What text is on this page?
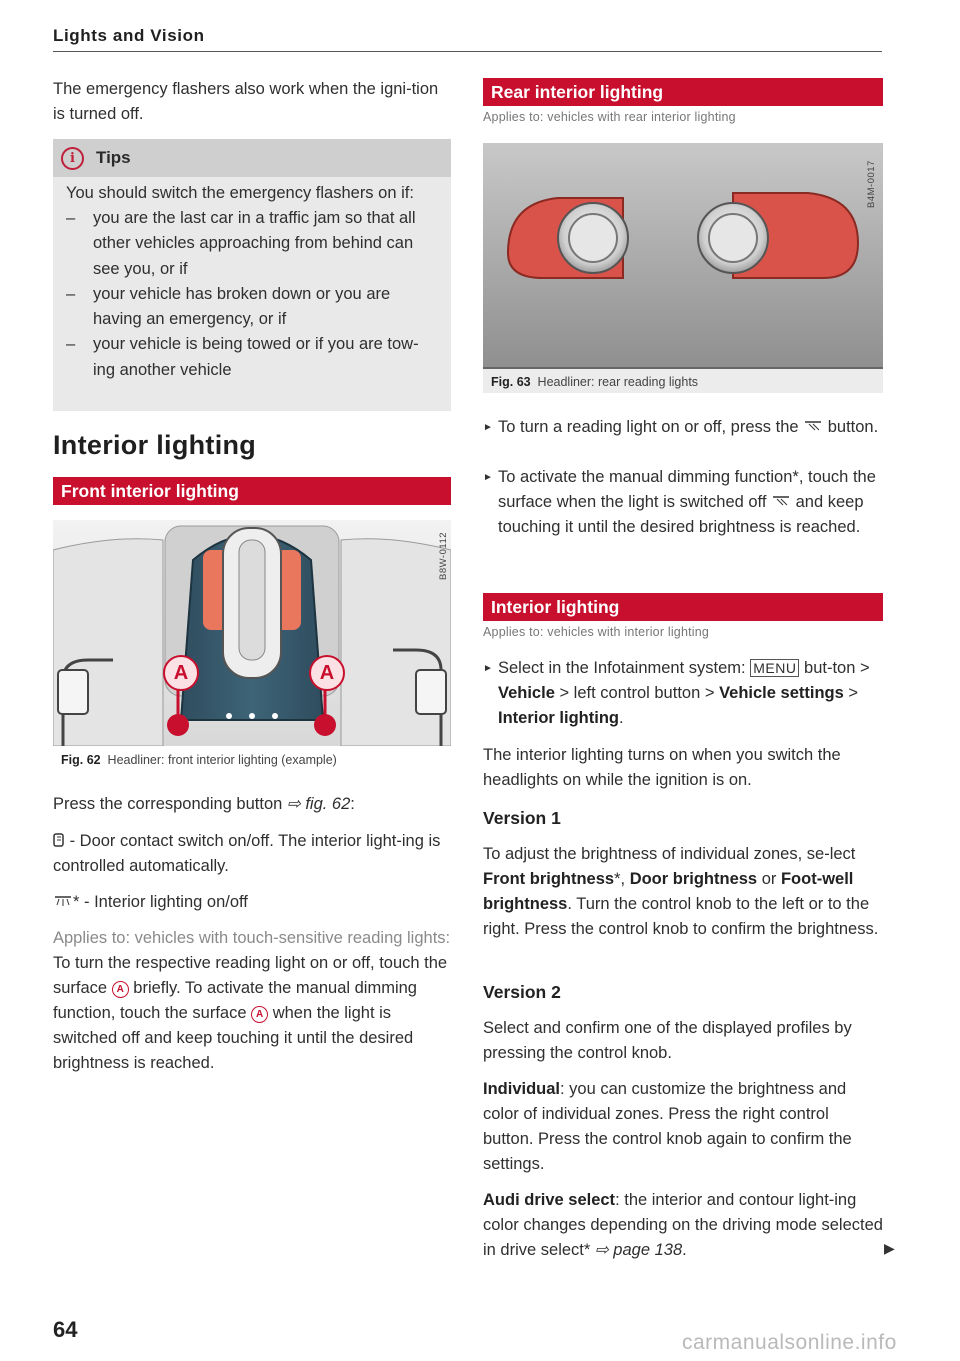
Lights and Vision

The emergency flashers also work when the igni-tion is turned off.

i	Tips

You should switch the emergency flashers on if:

– you are the last car in a traffic jam so that all other vehicles approaching from behind can see you, or if
– your vehicle has broken down or you are having an emergency, or if
– your vehicle is being towed or if you are tow-ing another vehicle
Interior lighting
Front interior lighting
A	A
B8W-0112
Fig. 62 Headliner: front interior lighting (example)

Press the corresponding button ⇨ fig. 62:

- Door contact switch on/off. The interior light-ing is controlled automatically.

* - Interior lighting on/off

Applies to: vehicles with touch-sensitive reading lights: To turn the respective reading light on or off, touch the surface A briefly. To activate the manual dimming function, touch the surface A when the light is switched off and keep touching it until the desired brightness is reached.

Rear interior lighting
Applies to: vehicles with rear interior lighting
B4M-0017
Fig. 63 Headliner: rear reading lights

► To turn a reading light on or off, press the  button.

► To activate the manual dimming function*, touch the surface when the light is switched off  and keep touching it until the desired brightness is reached.

Interior lighting
Applies to: vehicles with interior lighting

► Select in the Infotainment system: MENU but-ton > Vehicle > left control button > Vehicle settings > Interior lighting.

The interior lighting turns on when you switch the headlights on while the ignition is on.

Version 1

To adjust the brightness of individual zones, se-lect Front brightness*, Door brightness or Foot-well brightness. Turn the control knob to the left or to the right. Press the control knob to confirm the brightness.

Version 2

Select and confirm one of the displayed profiles by pressing the control knob.

Individual: you can customize the brightness and color of individual zones. Press the right control button. Press the control knob again to confirm the settings.

Audi drive select: the interior and contour light-ing color changes depending on the driving mode selected in drive select* ⇨ page 138.	▶
64
carmanualsonline.info
